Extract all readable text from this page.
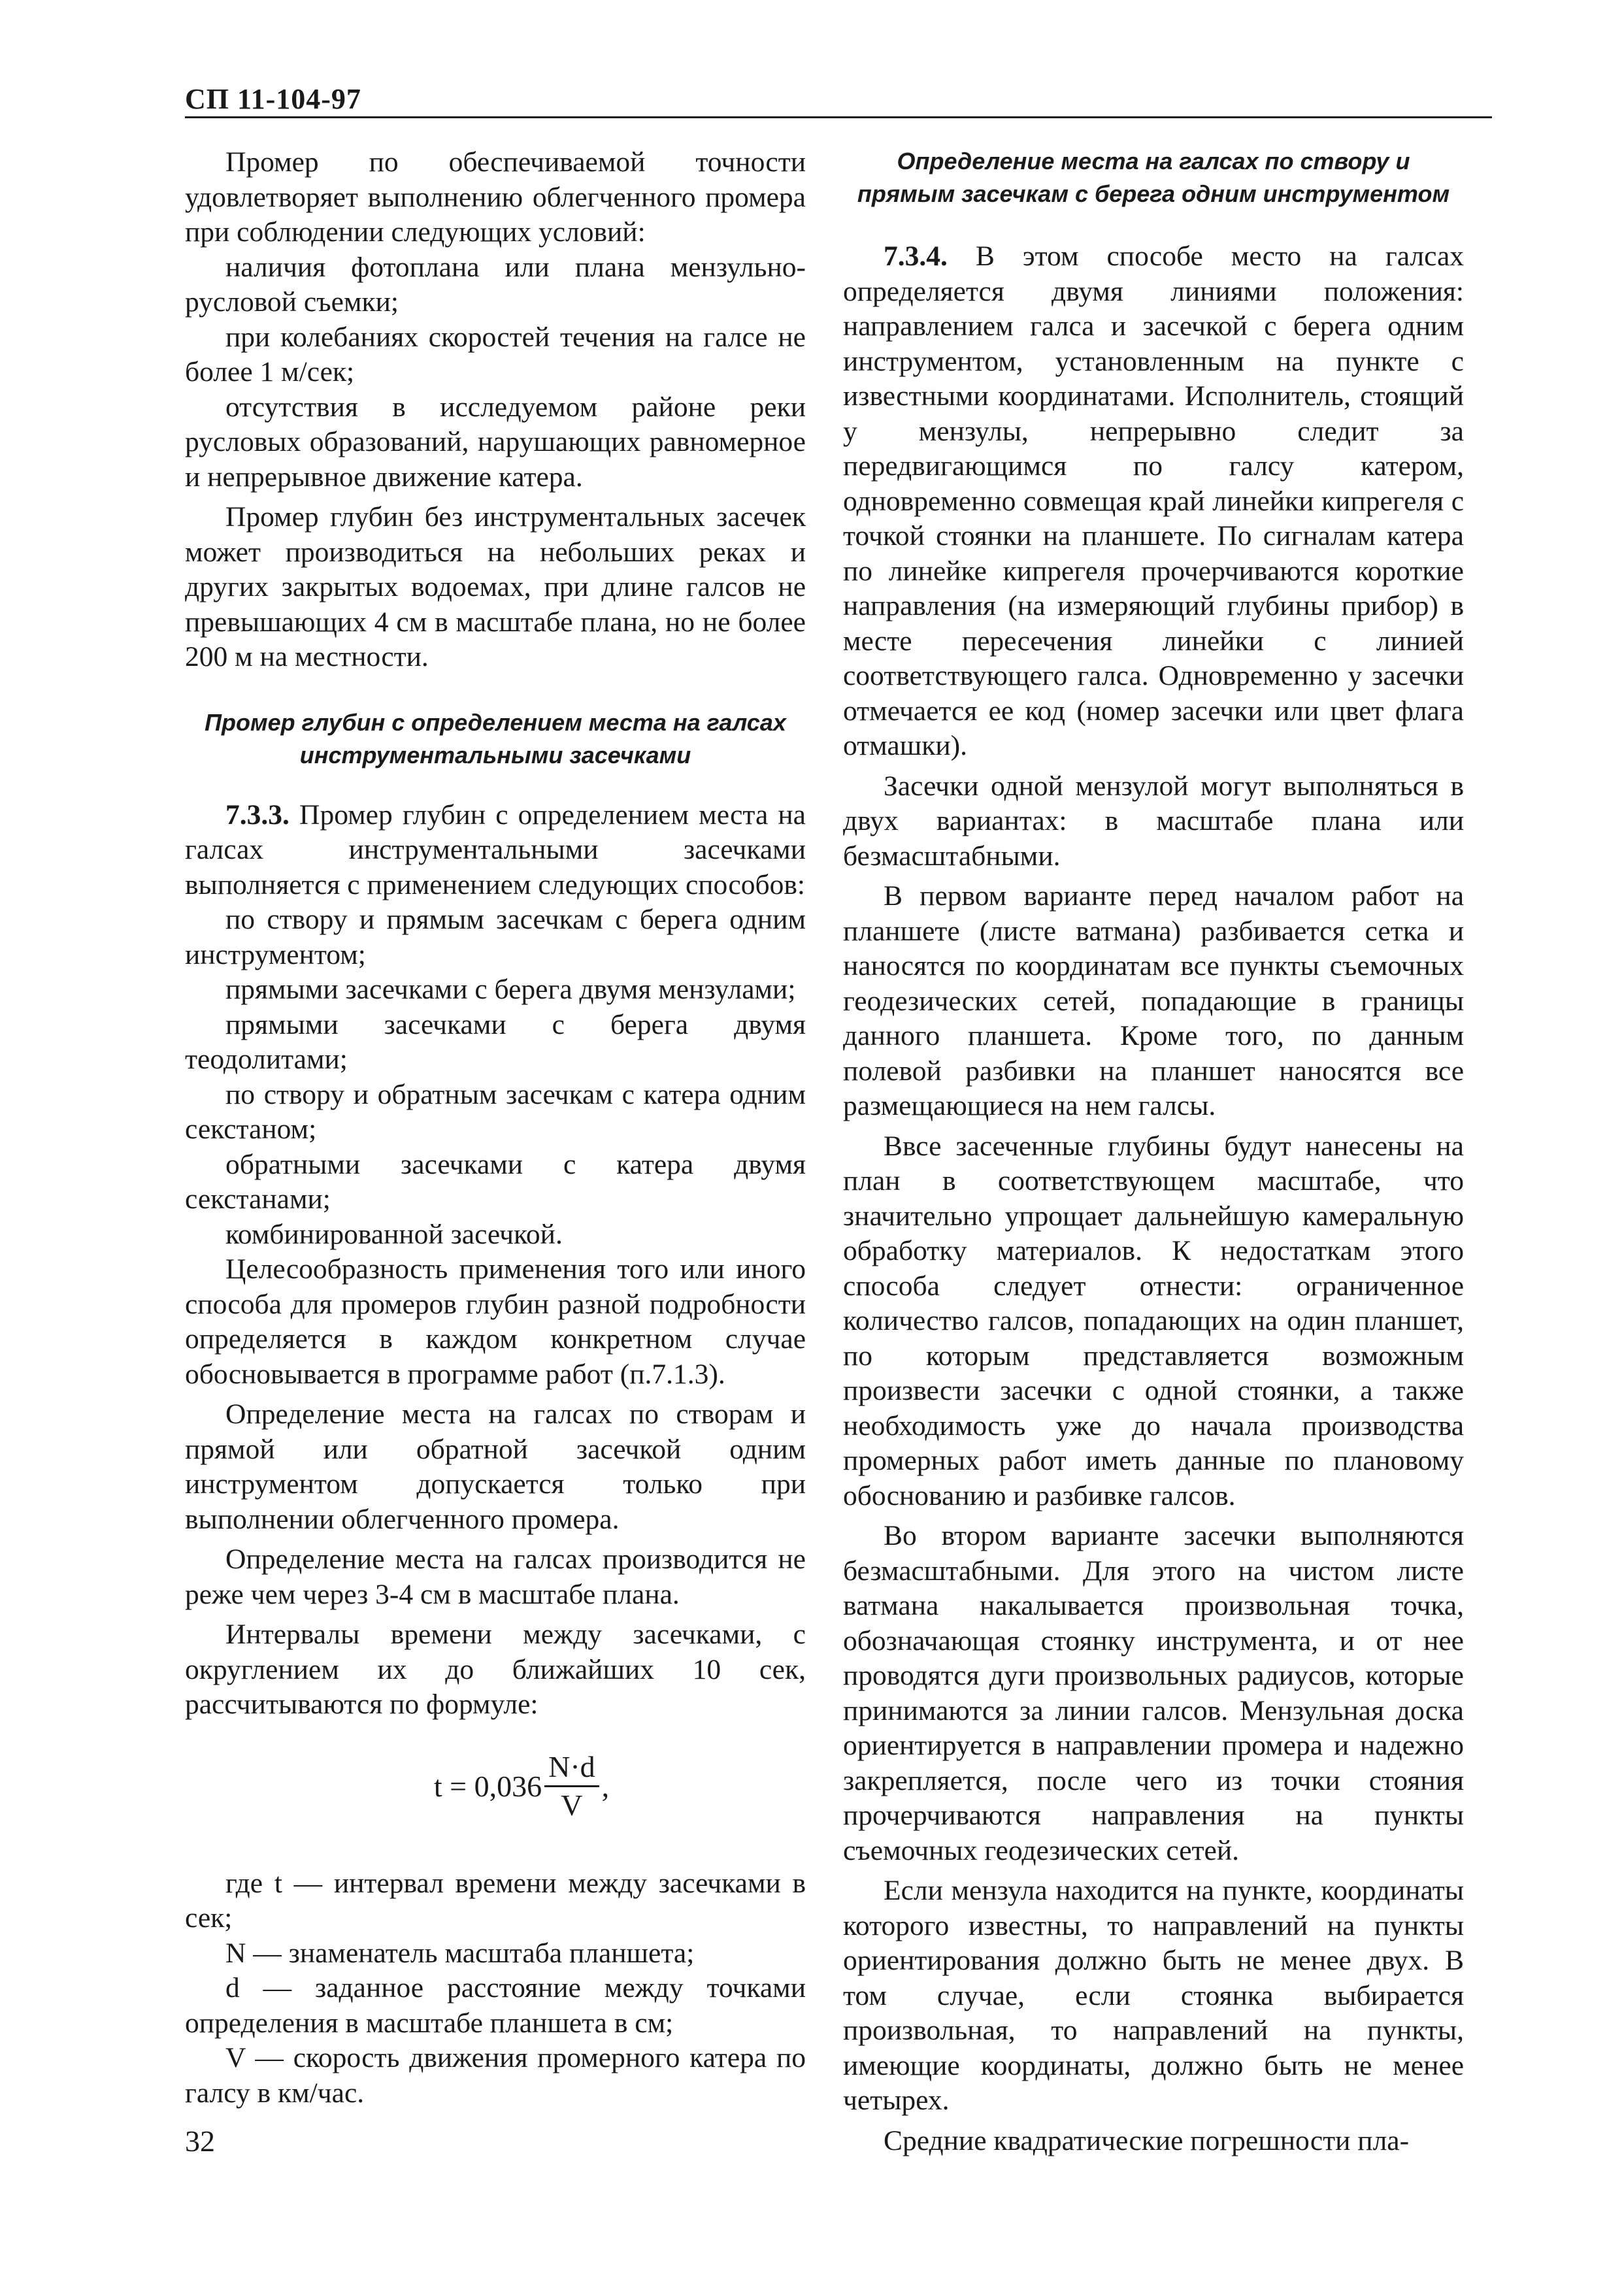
СП 11-104-97

Промер по обеспечиваемой точности удовлетворяет выполнению облегченного промера при соблюдении следующих условий:

наличия фотоплана или плана мензульно-русловой съемки;

при колебаниях скоростей течения на галсе не более 1 м/сек;

отсутствия в исследуемом районе реки русловых образований, нарушающих равномерное и непрерывное движение катера.

Промер глубин без инструментальных засечек может производиться на небольших реках и других закрытых водоемах, при длине галсов не превышающих 4 см в масштабе плана, но не более 200 м на местности.

Промер глубин с определением места на галсах инструментальными засечками

7.3.3. Промер глубин с определением места на галсах инструментальными засечками выполняется с применением следующих способов:

по створу и прямым засечкам с берега одним инструментом;

прямыми засечками с берега двумя мензулами;

прямыми засечками с берега двумя теодолитами;

по створу и обратным засечкам с катера одним секстаном;

обратными засечками с катера двумя секстанами;

комбинированной засечкой.

Целесообразность применения того или иного способа для промеров глубин разной подробности определяется в каждом конкретном случае обосновывается в программе работ (п.7.1.3).

Определение места на галсах по створам и прямой или обратной засечкой одним инструментом допускается только при выполнении облегченного промера.

Определение места на галсах производится не реже чем через 3-4 см в масштабе плана.

Интервалы времени между засечками, с округлением их до ближайших 10 сек, рассчитываются по формуле:

$t = 0,036 \frac{N\cdot d}{V}$ ,

где t — интервал времени между засечками в сек;

N — знаменатель масштаба планшета;

d — заданное расстояние между точками определения в масштабе планшета в см;

V — скорость движения промерного катера по галсу в км/час.

Определение места на галсах по створу и прямым засечкам с берега одним инструментом

7.3.4. В этом способе место на галсах определяется двумя линиями положения: направлением галса и засечкой с берега одним инструментом, установленным на пункте с известными координатами. Исполнитель, стоящий у мензулы, непрерывно следит за передвигающимся по галсу катером, одновременно совмещая край линейки кипрегеля с точкой стоянки на планшете. По сигналам катера по линейке кипрегеля прочерчиваются короткие направления (на измеряющий глубины прибор) в месте пересечения линейки с линией соответствующего галса. Одновременно у засечки отмечается ее код (номер засечки или цвет флага отмашки).

Засечки одной мензулой могут выполняться в двух вариантах: в масштабе плана или безмасштабными.

В первом варианте перед началом работ на планшете (листе ватмана) разбивается сетка и наносятся по координатам все пункты съемочных геодезических сетей, попадающие в границы данного планшета. Кроме того, по данным полевой разбивки на планшет наносятся все размещающиеся на нем галсы.

Ввсе засеченные глубины будут нанесены на план в соответствующем масштабе, что значительно упрощает дальнейшую камеральную обработку материалов. К недостаткам этого способа следует отнести: ограниченное количество галсов, попадающих на один планшет, по которым представляется возможным произвести засечки с одной стоянки, а также необходимость уже до начала производства промерных работ иметь данные по плановому обоснованию и разбивке галсов.

Во втором варианте засечки выполняются безмасштабными. Для этого на чистом листе ватмана накалывается произвольная точка, обозначающая стоянку инструмента, и от нее проводятся дуги произвольных радиусов, которые принимаются за линии галсов. Мензульная доска ориентируется в направлении промера и надежно закрепляется, после чего из точки стояния прочерчиваются направления на пункты съемочных геодезических сетей.

Если мензула находится на пункте, координаты которого известны, то направлений на пункты ориентирования должно быть не менее двух. В том случае, если стоянка выбирается произвольная, то направлений на пункты, имеющие координаты, должно быть не менее четырех.

Средние квадратические погрешности пла-

32
